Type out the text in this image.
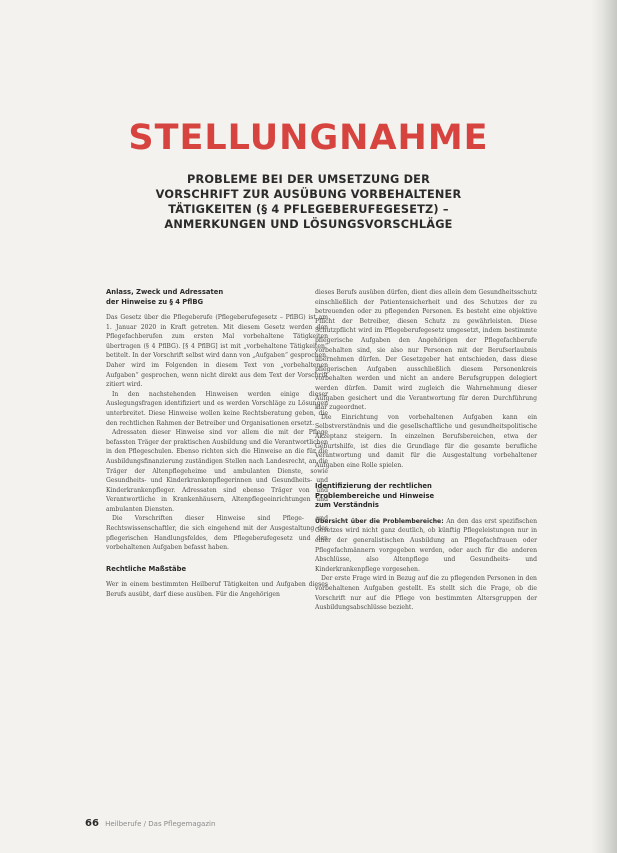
STELLUNGNAHME
PROBLEME BEI DER UMSETZUNG DER
VORSCHRIFT ZUR AUSÜBUNG VORBEHALTENER
TÄTIGKEITEN (§ 4 PFLEGEBERUFEGESETZ) –
ANMERKUNGEN UND LÖSUNGSVORSCHLÄGE
Anlass, Zweck und Adressaten
der Hinweise zu § 4 PflBG

Das Gesetz über die Pflegeberufe (Pflegeberufegesetz – PflBG) ist am 1. Januar 2020 in Kraft getreten. Mit diesem Gesetz werden den Pflegefachberufen zum ersten Mal vorbehaltene Tätigkeiten übertragen (§ 4 PflBG). [§ 4 PflBG] ist mit „vorbehaltene Tätigkeiten“ betitelt. In der Vorschrift selbst wird dann von „Aufgaben“ gesprochen. Daher wird im Folgenden in diesem Text von „vorbehaltenen Aufgaben“ gesprochen, wenn nicht direkt aus dem Text der Vorschrift zitiert wird.

In den nachstehenden Hinweisen werden einige dieser Auslegungsfragen identifiziert und es werden Vorschläge zu Lösungen unterbreitet. Diese Hinweise wollen keine Rechtsberatung geben, die den rechtlichen Rahmen der Betreiber und Organisationen ersetzt.

Adressaten dieser Hinweise sind vor allem die mit der Pflege befassten Träger der praktischen Ausbildung und die Verantwortlichen in den Pflegeschulen. Ebenso richten sich die Hinweise an die für die Ausbildungsfinanzierung zuständigen Stellen nach Landesrecht, an die Träger der Altenpflegeheime und ambulanten Dienste, sowie Gesundheits- und Kinderkrankenpflegerinnen und Gesundheits- und Kinderkrankenpfleger. Adressaten sind ebenso Träger von und Verantwortliche in Krankenhäusern, Altenpflegeeinrichtungen und ambulanten Diensten.

Die Vorschriften dieser Hinweise sind Pflege- und Rechtswissenschaftler, die sich eingehend mit der Ausgestaltung des pflegerischen Handlungsfeldes, dem Pflegeberufegesetz und den vorbehaltenen Aufgaben befasst haben.

Rechtliche Maßstäbe

Wer in einem bestimmten Heilberuf Tätigkeiten und Aufgaben dieses Berufs ausübt, darf diese ausüben. Für die Angehörigen

dieses Berufs ausüben dürfen, dient dies allein dem Gesundheitsschutz einschließlich der Patientensicherheit und des Schutzes der zu betreuenden oder zu pflegenden Personen. Es besteht eine objektive Pflicht der Betreiber, diesen Schutz zu gewährleisten. Diese Schutzpflicht wird im Pflegeberufegesetz umgesetzt, indem bestimmte pflegerische Aufgaben den Angehörigen der Pflegefachberufe vorbehalten sind, sie also nur Personen mit der Berufserlaubnis übernehmen dürfen. Der Gesetzgeber hat entschieden, dass diese pflegerischen Aufgaben ausschließlich diesem Personenkreis vorbehalten werden und nicht an andere Berufsgruppen delegiert werden dürfen. Damit wird zugleich die Wahrnehmung dieser Aufgaben gesichert und die Verantwortung für deren Durchführung klar zugeordnet.

Die Einrichtung von vorbehaltenen Aufgaben kann ein Selbstverständnis und die gesellschaftliche und gesundheitspolitische Akzeptanz steigern. In einzelnen Berufsbereichen, etwa der Geburtshilfe, ist dies die Grundlage für die gesamte berufliche Verantwortung und damit für die Ausgestaltung vorbehaltener Aufgaben eine Rolle spielen.

Identifizierung der rechtlichen
Problembereiche und Hinweise
zum Verständnis

Übersicht über die Problembereiche: An den das erst spezifischen Gesetzes wird nicht ganz deutlich, ob künftig Pflegeleistungen nur in einer der generalistischen Ausbildung an Pflegefachfrauen oder Pflegefachmännern vorgegeben werden, oder auch für die anderen Abschlüsse, also Altenpflege und Gesundheits- und Kinderkrankenpflege vorgesehen.

Der erste Frage wird in Bezug auf die zu pflegenden Personen in den vorbehaltenen Aufgaben gestellt. Es stellt sich die Frage, ob die Vorschrift nur auf die Pflege von bestimmten Altersgruppen der Ausbildungsabschlüsse bezieht.

66 Heilberufe / Das Pflegemagazin
